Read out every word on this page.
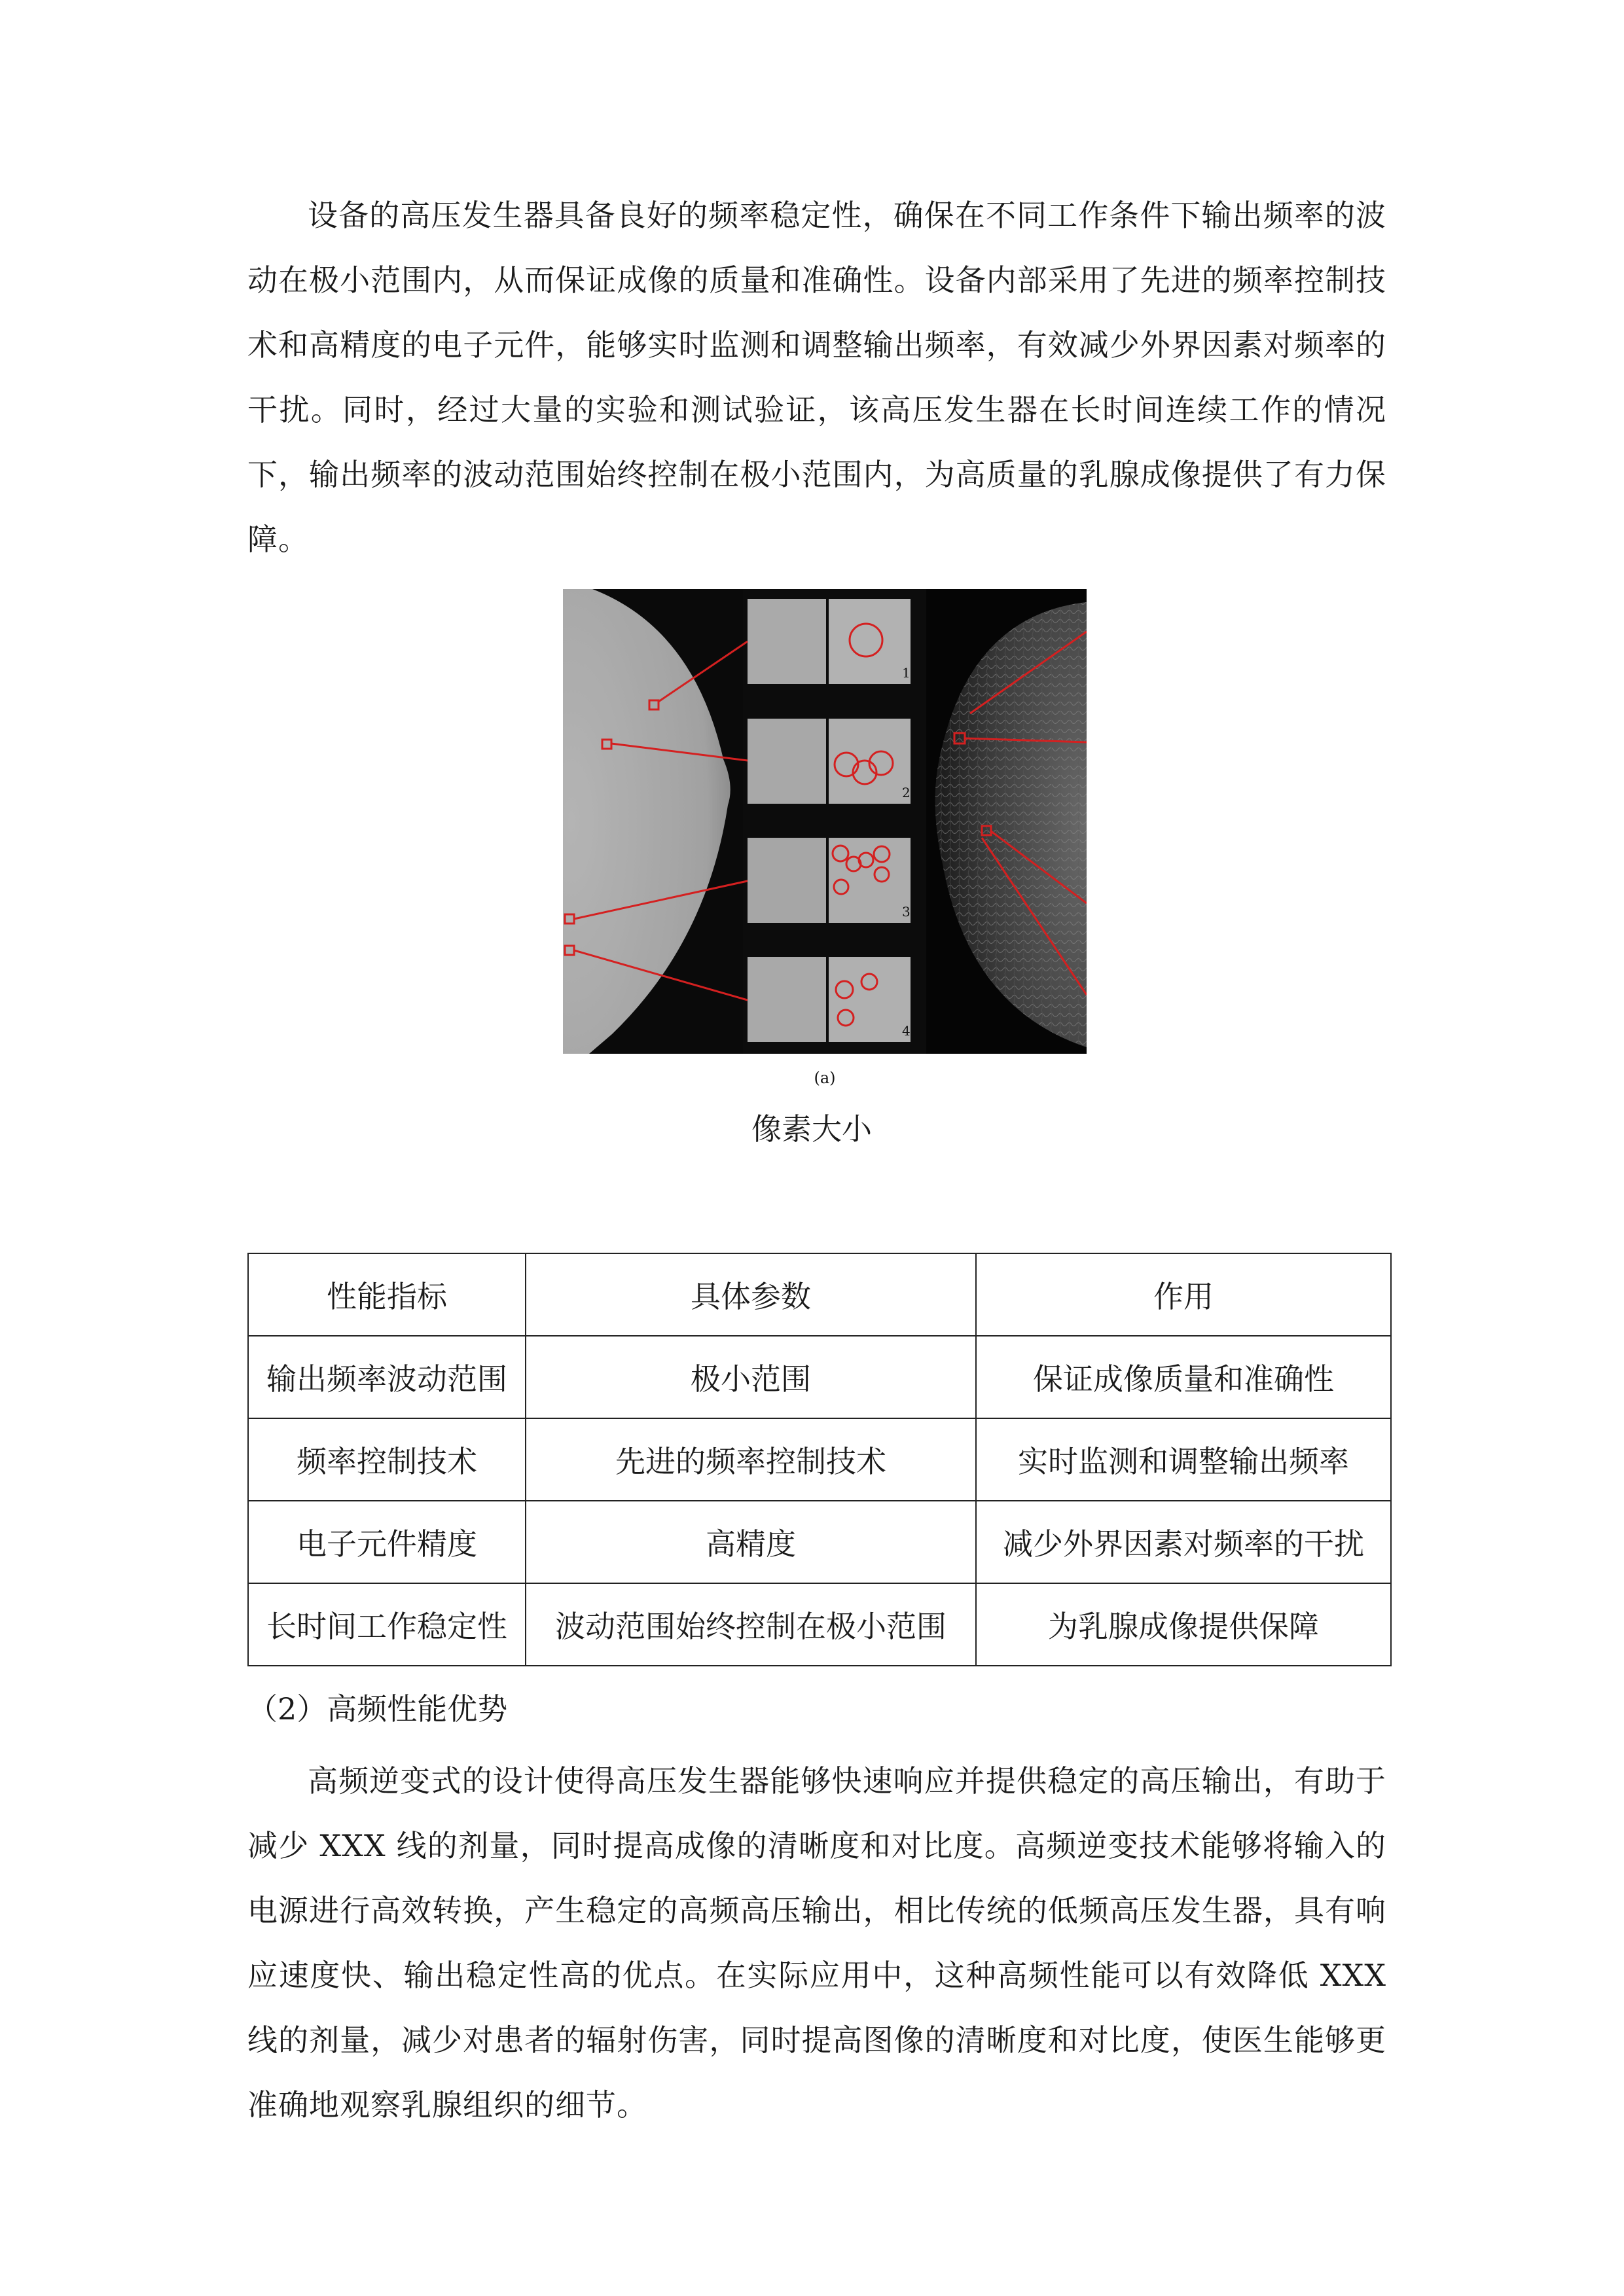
设备的高压发生器具备良好的频率稳定性，确保在不同工作条件下输出频率的波动在极小范围内，从而保证成像的质量和准确性。设备内部采用了先进的频率控制技术和高精度的电子元件，能够实时监测和调整输出频率，有效减少外界因素对频率的干扰。同时，经过大量的实验和测试验证，该高压发生器在长时间连续工作的情况下，输出频率的波动范围始终控制在极小范围内，为高质量的乳腺成像提供了有力保障。

1
2
3
4
(a)
像素大小
性能指标	具体参数	作用
输出频率波动范围	极小范围	保证成像质量和准确性
频率控制技术	先进的频率控制技术	实时监测和调整输出频率
电子元件精度	高精度	减少外界因素对频率的干扰
长时间工作稳定性	波动范围始终控制在极小范围	为乳腺成像提供保障

（2）高频性能优势

高频逆变式的设计使得高压发生器能够快速响应并提供稳定的高压输出，有助于减少 XXX 线的剂量，同时提高成像的清晰度和对比度。高频逆变技术能够将输入的电源进行高效转换，产生稳定的高频高压输出，相比传统的低频高压发生器，具有响应速度快、输出稳定性高的优点。在实际应用中，这种高频性能可以有效降低 XXX 线的剂量，减少对患者的辐射伤害，同时提高图像的清晰度和对比度，使医生能够更准确地观察乳腺组织的细节。
